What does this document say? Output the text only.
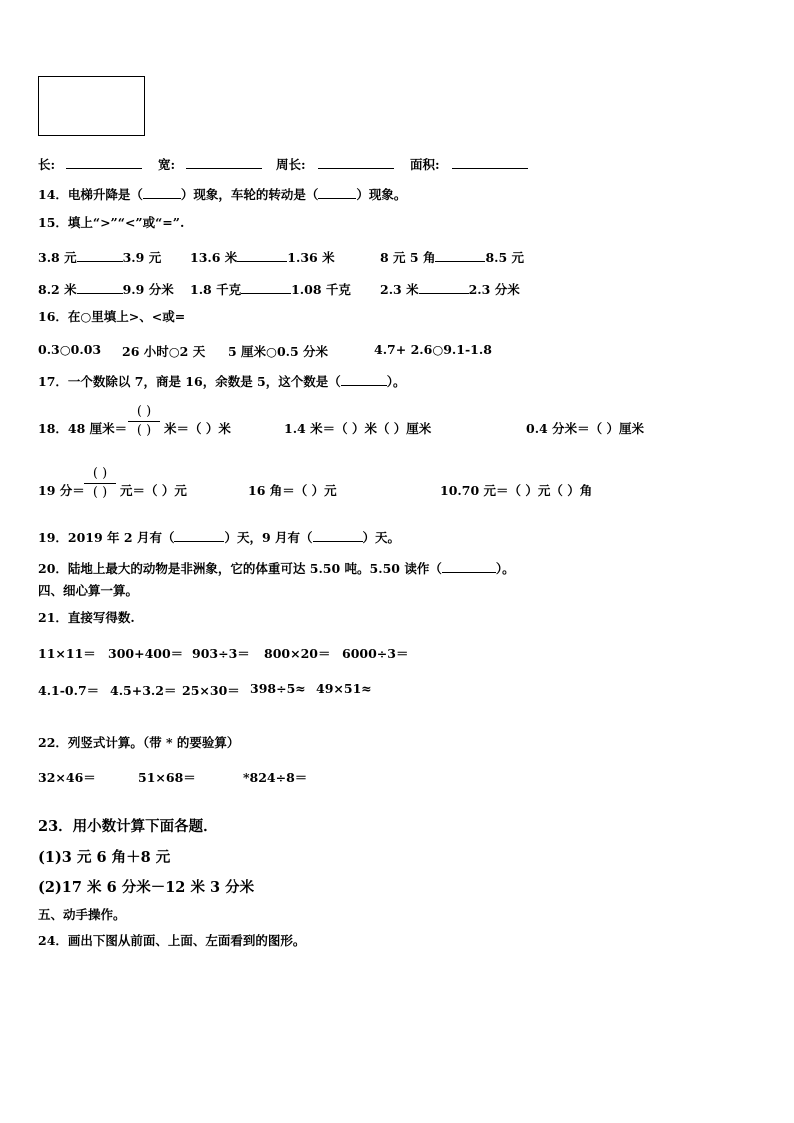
长:	宽:	周长:	面积:
14．电梯升降是（	）现象，车轮的转动是（	）现象。
15．填上“>”“<”或“=”.
3.8 元	3.9 元 13.6 米	1.36 米	8 元 5 角	8.5 元
8.2 米	9.9 分米 1.8 千克	1.08 千克 2.3 米	2.3 分米
16．在○里填上>、<或=
0.3○0.03 26 小时○2 天 5 厘米○0.5 分米	4.7+ 2.6○9.1-1.8
17．一个数除以 7，商是 16，余数是 5，这个数是（	）。
18．48 厘米＝ $\frac{( )}{( )}$ 米＝（ ）米	1.4 米＝（ ）米（ ）厘米	0.4 分米＝（ ）厘米
19 分＝ $\frac{( )}{( )}$ 元＝（ ）元	16 角＝（ ）元	10.70 元＝（ ）元（ ）角
19．2019 年 2 月有（	）天，9 月有（	）天。
20．陆地上最大的动物是非洲象，它的体重可达 5.50 吨。5.50 读作（	）。
四、细心算一算。
21．直接写得数.
11×11＝ 300+400＝ 903÷3＝ 800×20＝ 6000÷3＝
4.1-0.7＝ 4.5+3.2＝ 25×30＝ 398÷5≈ 49×51≈
22．列竖式计算。（带 * 的要验算）
32×46＝	51×68＝	*824÷8＝
23．用小数计算下面各题．
(1)3 元 6 角＋8 元
(2)17 米 6 分米－12 米 3 分米
五、动手操作。
24．画出下图从前面、上面、左面看到的图形。
